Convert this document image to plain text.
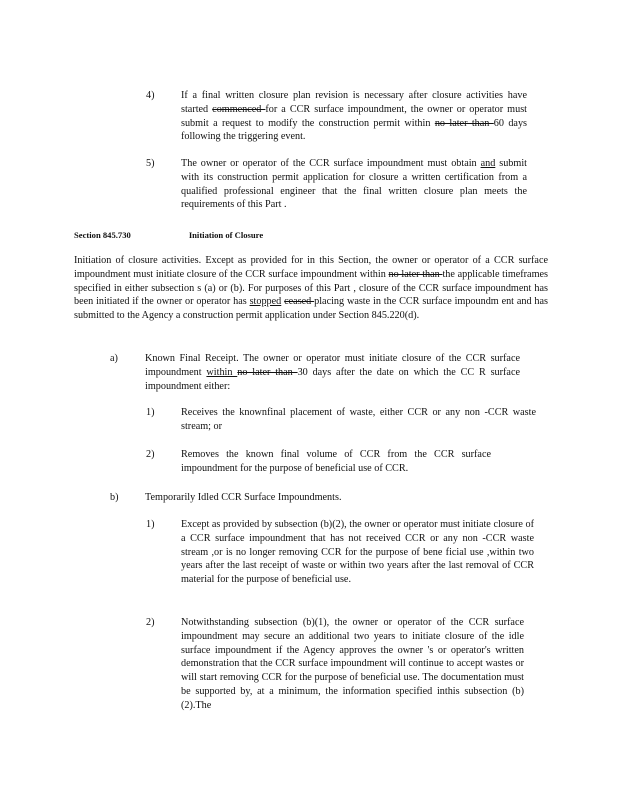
4)	If a final written closure plan revision is necessary after closure activities have started commenced for a CCR surface impoundment, the owner or operator must submit a request to modify the construction permit within no later than 60 days following the triggering event.
5)	The owner or operator of the CCR surface impoundment must obtain and submit with its construction permit application for closure a written certification from a qualified professional engineer that the final written closure plan meets the requirements of this Part .
Section 845.730	Initiation of Closure
Initiation of closure activities. Except as provided for in this Section, the owner or operator of a CCR surface impoundment must initiate closure of the CCR surface impoundment within no later than the applicable timeframes specified in either subsection s (a) or (b). For purposes of this Part , closure of the CCR surface impoundment has been initiated if the owner or operator has stopped ceased placing waste in the CCR surface impoundm ent and has submitted to the Agency a construction permit application under Section 845.220(d).
a)	Known Final Receipt. The owner or operator must initiate closure of the CCR surface impoundment within no later than 30 days after the date on which the CC R surface impoundment either:
1)	Receives the knownfinal placement of waste, either CCR or any non -CCR waste stream; or
2)	Removes the known final volume of CCR from the CCR surface impoundment for the purpose of beneficial use of CCR.
b)	Temporarily Idled CCR Surface Impoundments.
1)	Except as provided by subsection (b)(2), the owner or operator must initiate closure of a CCR surface impoundment that has not received CCR or any non -CCR waste stream ,or is no longer removing CCR for the purpose of bene ficial use ,within two years after the last receipt of waste or within two years after the last removal of CCR material for the purpose of beneficial use.
2)	Notwithstanding subsection (b)(1), the owner or operator of the CCR surface impoundment may secure an additional two years to initiate closure of the idle surface impoundment if the Agency approves the owner 's or operator's written demonstration that the CCR surface impoundment will continue to accept wastes or will start removing CCR for the purpose of beneficial use. The documentation must be supported by, at a minimum, the information specified inthis subsection (b)(2).The
